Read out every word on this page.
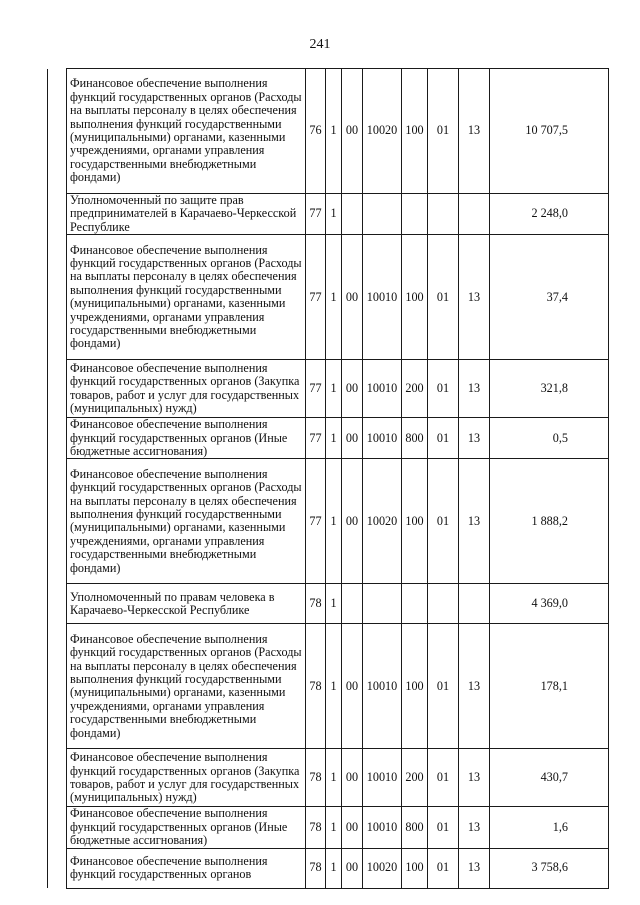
241
	Финансовое обеспечение выполнения функций государственных органов (Расходы на выплаты персоналу в целях обеспечения выполнения функций государственными (муниципальными) органами, казенными учреждениями, органами управления государственными внебюджетными фондами)	76	1	00	10020	100	01	13	10 707,5
	Уполномоченный по защите прав предпринимателей в Карачаево-Черкесской Республике	77	1						2 248,0
	Финансовое обеспечение выполнения функций государственных органов (Расходы на выплаты персоналу в целях обеспечения выполнения функций государственными (муниципальными) органами, казенными учреждениями, органами управления государственными внебюджетными фондами)	77	1	00	10010	100	01	13	37,4
	Финансовое обеспечение выполнения функций государственных органов (Закупка товаров, работ и услуг для государственных (муниципальных) нужд)	77	1	00	10010	200	01	13	321,8
	Финансовое обеспечение выполнения функций государственных органов (Иные бюджетные ассигнования)	77	1	00	10010	800	01	13	0,5
	Финансовое обеспечение выполнения функций государственных органов (Расходы на выплаты персоналу в целях обеспечения выполнения функций государственными (муниципальными) органами, казенными учреждениями, органами управления государственными внебюджетными фондами)	77	1	00	10020	100	01	13	1 888,2
	Уполномоченный по правам человека в Карачаево-Черкесской Республике	78	1						4 369,0
	Финансовое обеспечение выполнения функций государственных органов (Расходы на выплаты персоналу в целях обеспечения выполнения функций государственными (муниципальными) органами, казенными учреждениями, органами управления государственными внебюджетными фондами)	78	1	00	10010	100	01	13	178,1
	Финансовое обеспечение выполнения функций государственных органов (Закупка товаров, работ и услуг для государственных (муниципальных) нужд)	78	1	00	10010	200	01	13	430,7
	Финансовое обеспечение выполнения функций государственных органов (Иные бюджетные ассигнования)	78	1	00	10010	800	01	13	1,6
	Финансовое обеспечение выполнения функций государственных органов	78	1	00	10020	100	01	13	3 758,6
